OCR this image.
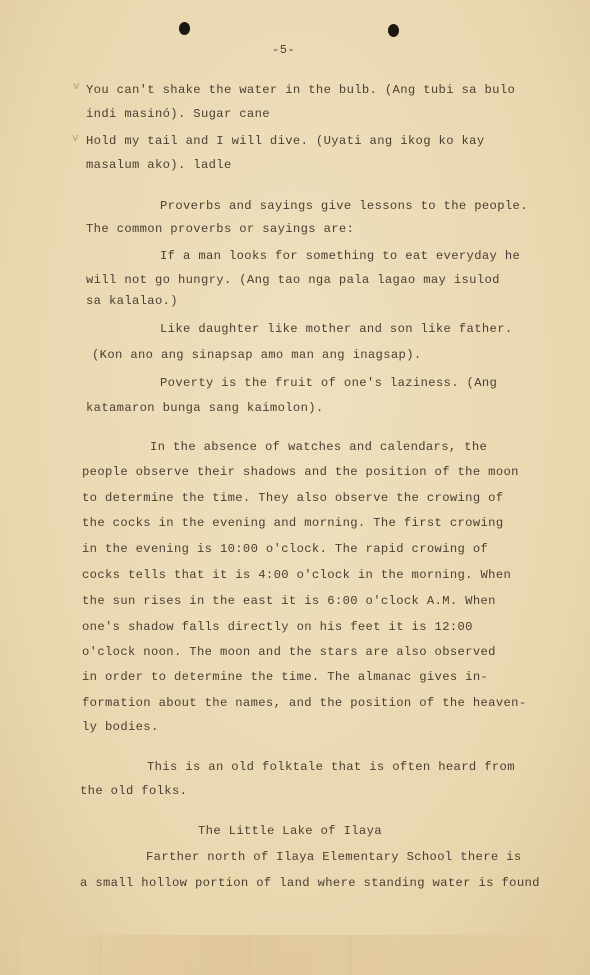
-5-
v
v
You can't shake the water in the bulb. (Ang tubi sa bulo
indi masinó). Sugar cane
Hold my tail and I will dive. (Uyati ang ikog ko kay
masalum ako). ladle
Proverbs and sayings give lessons to the people.
The common proverbs or sayings are:
If a man looks for something to eat everyday he
will not go hungry. (Ang tao nga pala lagao may isulod
sa kalalao.)
Like daughter like mother and son like father.
(Kon ano ang sinapsap amo man ang inagsap).
Poverty is the fruit of one's laziness. (Ang
katamaron bunga sang kaimolon).
In the absence of watches and calendars, the
people observe their shadows and the position of the moon
to determine the time. They also observe the crowing of
the cocks in the evening and morning. The first crowing
in the evening is 10:00 o'clock. The rapid crowing of
cocks tells that it is 4:00 o'clock in the morning. When
the sun rises in the east it is 6:00 o'clock A.M. When
one's shadow falls directly on his feet it is 12:00
o'clock noon. The moon and the stars are also observed
in order to determine the time. The almanac gives in-
formation about the names, and the position of the heaven-
ly bodies.
This is an old folktale that is often heard from
the old folks.
The Little Lake of Ilaya
Farther north of Ilaya Elementary School there is
a small hollow portion of land where standing water is found
